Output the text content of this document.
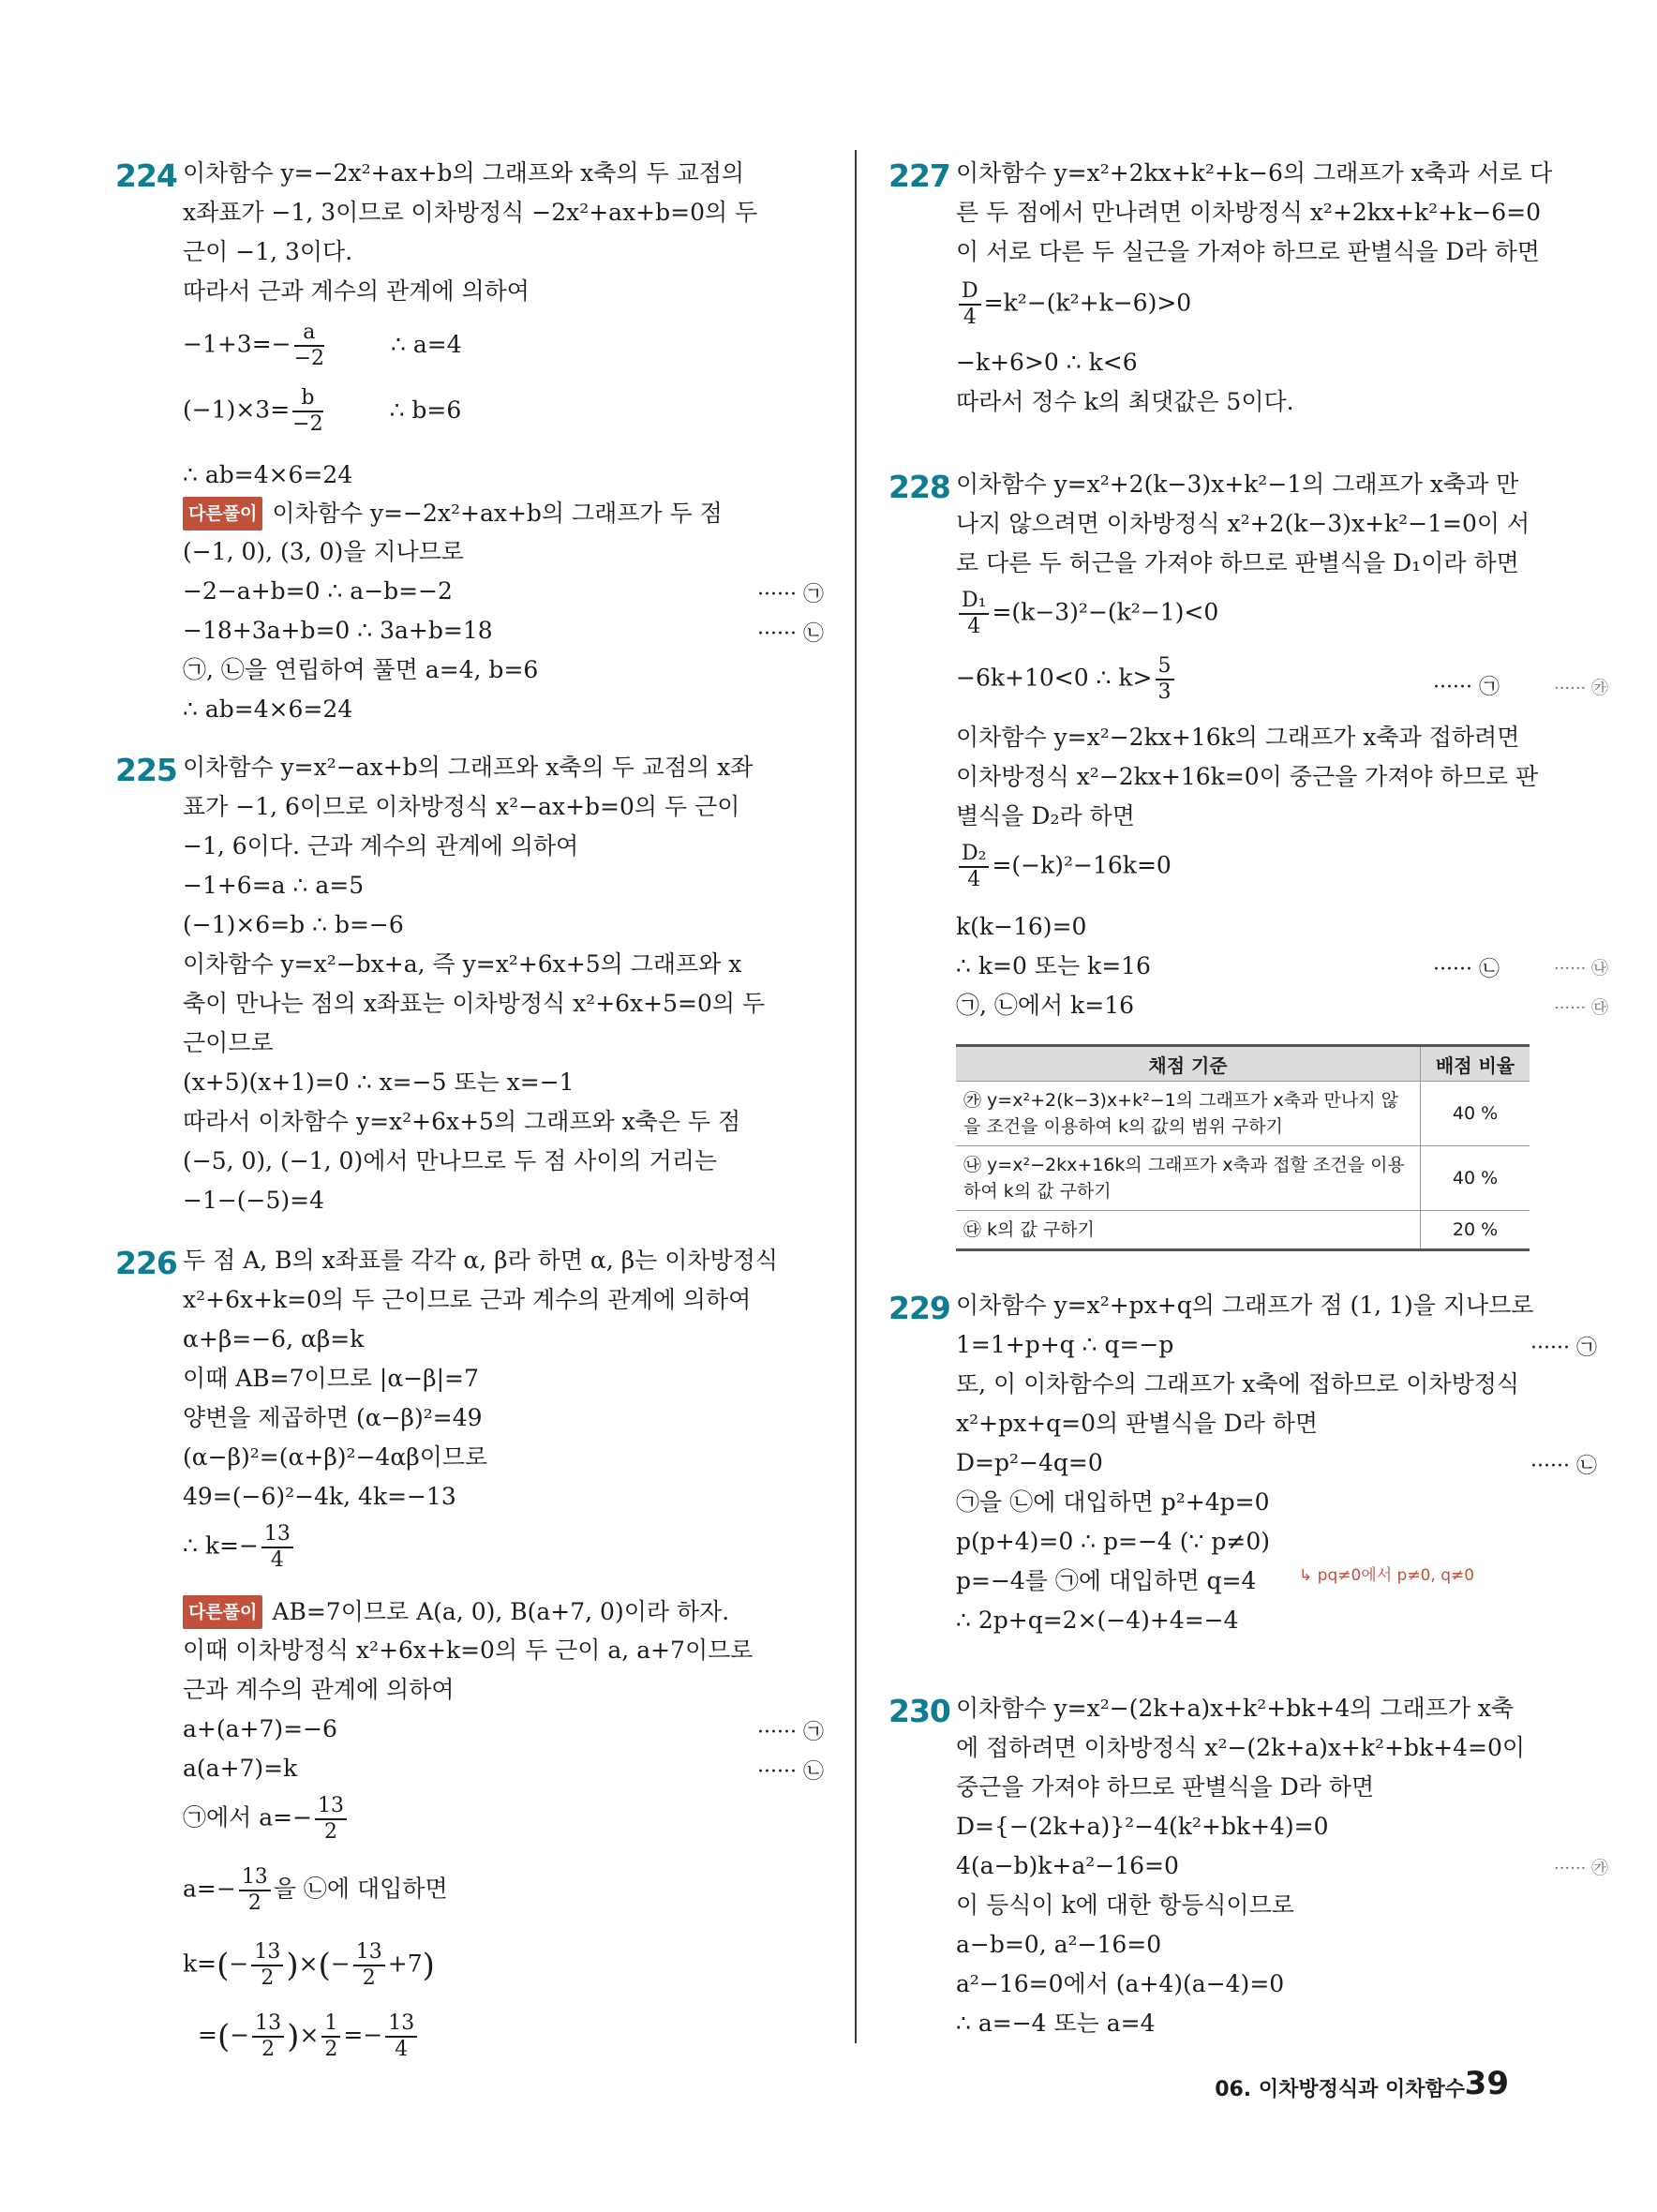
224 이차함수 y=−2x²+ax+b의 그래프와 x축의 두 교점의
x좌표가 −1, 3이므로 이차방정식 −2x²+ax+b=0의 두
근이 −1, 3이다.
따라서 근과 계수의 관계에 의하여
$-1+3=- \frac{a}{-2}$	∴ a=4
$(-1)\times 3= \frac{b}{-2}$	∴ b=6
∴ ab=4×6=24
다른풀이 이차함수 y=−2x²+ax+b의 그래프가 두 점
(−1, 0), (3, 0)을 지나므로
−2−a+b=0 ∴ a−b=−2	······ ㉠
−18+3a+b=0 ∴ 3a+b=18	······ ㉡
㉠, ㉡을 연립하여 풀면 a=4, b=6
∴ ab=4×6=24
225 이차함수 y=x²−ax+b의 그래프와 x축의 두 교점의 x좌
표가 −1, 6이므로 이차방정식 x²−ax+b=0의 두 근이
−1, 6이다. 근과 계수의 관계에 의하여
−1+6=a ∴ a=5
(−1)×6=b ∴ b=−6
이차함수 y=x²−bx+a, 즉 y=x²+6x+5의 그래프와 x
축이 만나는 점의 x좌표는 이차방정식 x²+6x+5=0의 두
근이므로
(x+5)(x+1)=0 ∴ x=−5 또는 x=−1
따라서 이차함수 y=x²+6x+5의 그래프와 x축은 두 점
(−5, 0), (−1, 0)에서 만나므로 두 점 사이의 거리는
−1−(−5)=4
226 두 점 A, B의 x좌표를 각각 α, β라 하면 α, β는 이차방정식
x²+6x+k=0의 두 근이므로 근과 계수의 관계에 의하여
α+β=−6, αβ=k
이때 AB=7이므로 |α−β|=7
양변을 제곱하면 (α−β)²=49
(α−β)²=(α+β)²−4αβ이므로
49=(−6)²−4k, 4k=−13
∴ $k=- \frac{13}{4}$
다른풀이 AB=7이므로 A(a, 0), B(a+7, 0)이라 하자.
이때 이차방정식 x²+6x+k=0의 두 근이 a, a+7이므로
근과 계수의 관계에 의하여
a+(a+7)=−6	······ ㉠
a(a+7)=k	······ ㉡
㉠에서 $a=- \frac{13}{2}$
$a=- \frac{13}{2}$ 을 ㉡에 대입하면
$k=(- \frac{13}{2}$ )×(− $\frac{13}{2} +7$)
=(− $\frac{13}{2}$ )× $\frac{1}{2} =- \frac{13}{4}$
227 이차함수 y=x²+2kx+k²+k−6의 그래프가 x축과 서로 다
른 두 점에서 만나려면 이차방정식 x²+2kx+k²+k−6=0
이 서로 다른 두 실근을 가져야 하므로 판별식을 D라 하면
$\frac{D}{4} =k^2-(k^2+k-6)>0$
−k+6>0 ∴ k<6
따라서 정수 k의 최댓값은 5이다.
228 이차함수 y=x²+2(k−3)x+k²−1의 그래프가 x축과 만
나지 않으려면 이차방정식 x²+2(k−3)x+k²−1=0이 서
로 다른 두 허근을 가져야 하므로 판별식을 D₁이라 하면
$\frac{\text{D₁}}{4} =(k-3)^2-(k^2-1)<0$
−6k+10<0 ∴ $k> \frac{5}{3}$	······ ㉠	······ ㉮
이차함수 y=x²−2kx+16k의 그래프가 x축과 접하려면
이차방정식 x²−2kx+16k=0이 중근을 가져야 하므로 판
별식을 D₂라 하면
$\frac{\text{D₂}}{4} =(-k)^2-16k=0$
k(k−16)=0
∴ k=0 또는 k=16	······ ㉡	······ ㉯
㉠, ㉡에서 k=16	······ ㉰
채점 기준	배점 비율
㉮ y=x²+2(k−3)x+k²−1의 그래프가 x축과 만나지 않을 조건을 이용하여 k의 값의 범위 구하기	40 %
㉯ y=x²−2kx+16k의 그래프가 x축과 접할 조건을 이용하여 k의 값 구하기	40 %
㉰ k의 값 구하기	20 %
229 이차함수 y=x²+px+q의 그래프가 점 (1, 1)을 지나므로
1=1+p+q ∴ q=−p	······ ㉠
또, 이 이차함수의 그래프가 x축에 접하므로 이차방정식
x²+px+q=0의 판별식을 D라 하면
D=p²−4q=0	······ ㉡
㉠을 ㉡에 대입하면 p²+4p=0
p(p+4)=0 ∴ p=−4 (∵ p≠0)
p=−4를 ㉠에 대입하면 q=4	↳ pq≠0에서 p≠0, q≠0
∴ 2p+q=2×(−4)+4=−4
230 이차함수 y=x²−(2k+a)x+k²+bk+4의 그래프가 x축
에 접하려면 이차방정식 x²−(2k+a)x+k²+bk+4=0이
중근을 가져야 하므로 판별식을 D라 하면
D={−(2k+a)}²−4(k²+bk+4)=0
4(a−b)k+a²−16=0	······ ㉮
이 등식이 k에 대한 항등식이므로
a−b=0, a²−16=0
a²−16=0에서 (a+4)(a−4)=0
∴ a=−4 또는 a=4
06. 이차방정식과 이차함수 39
